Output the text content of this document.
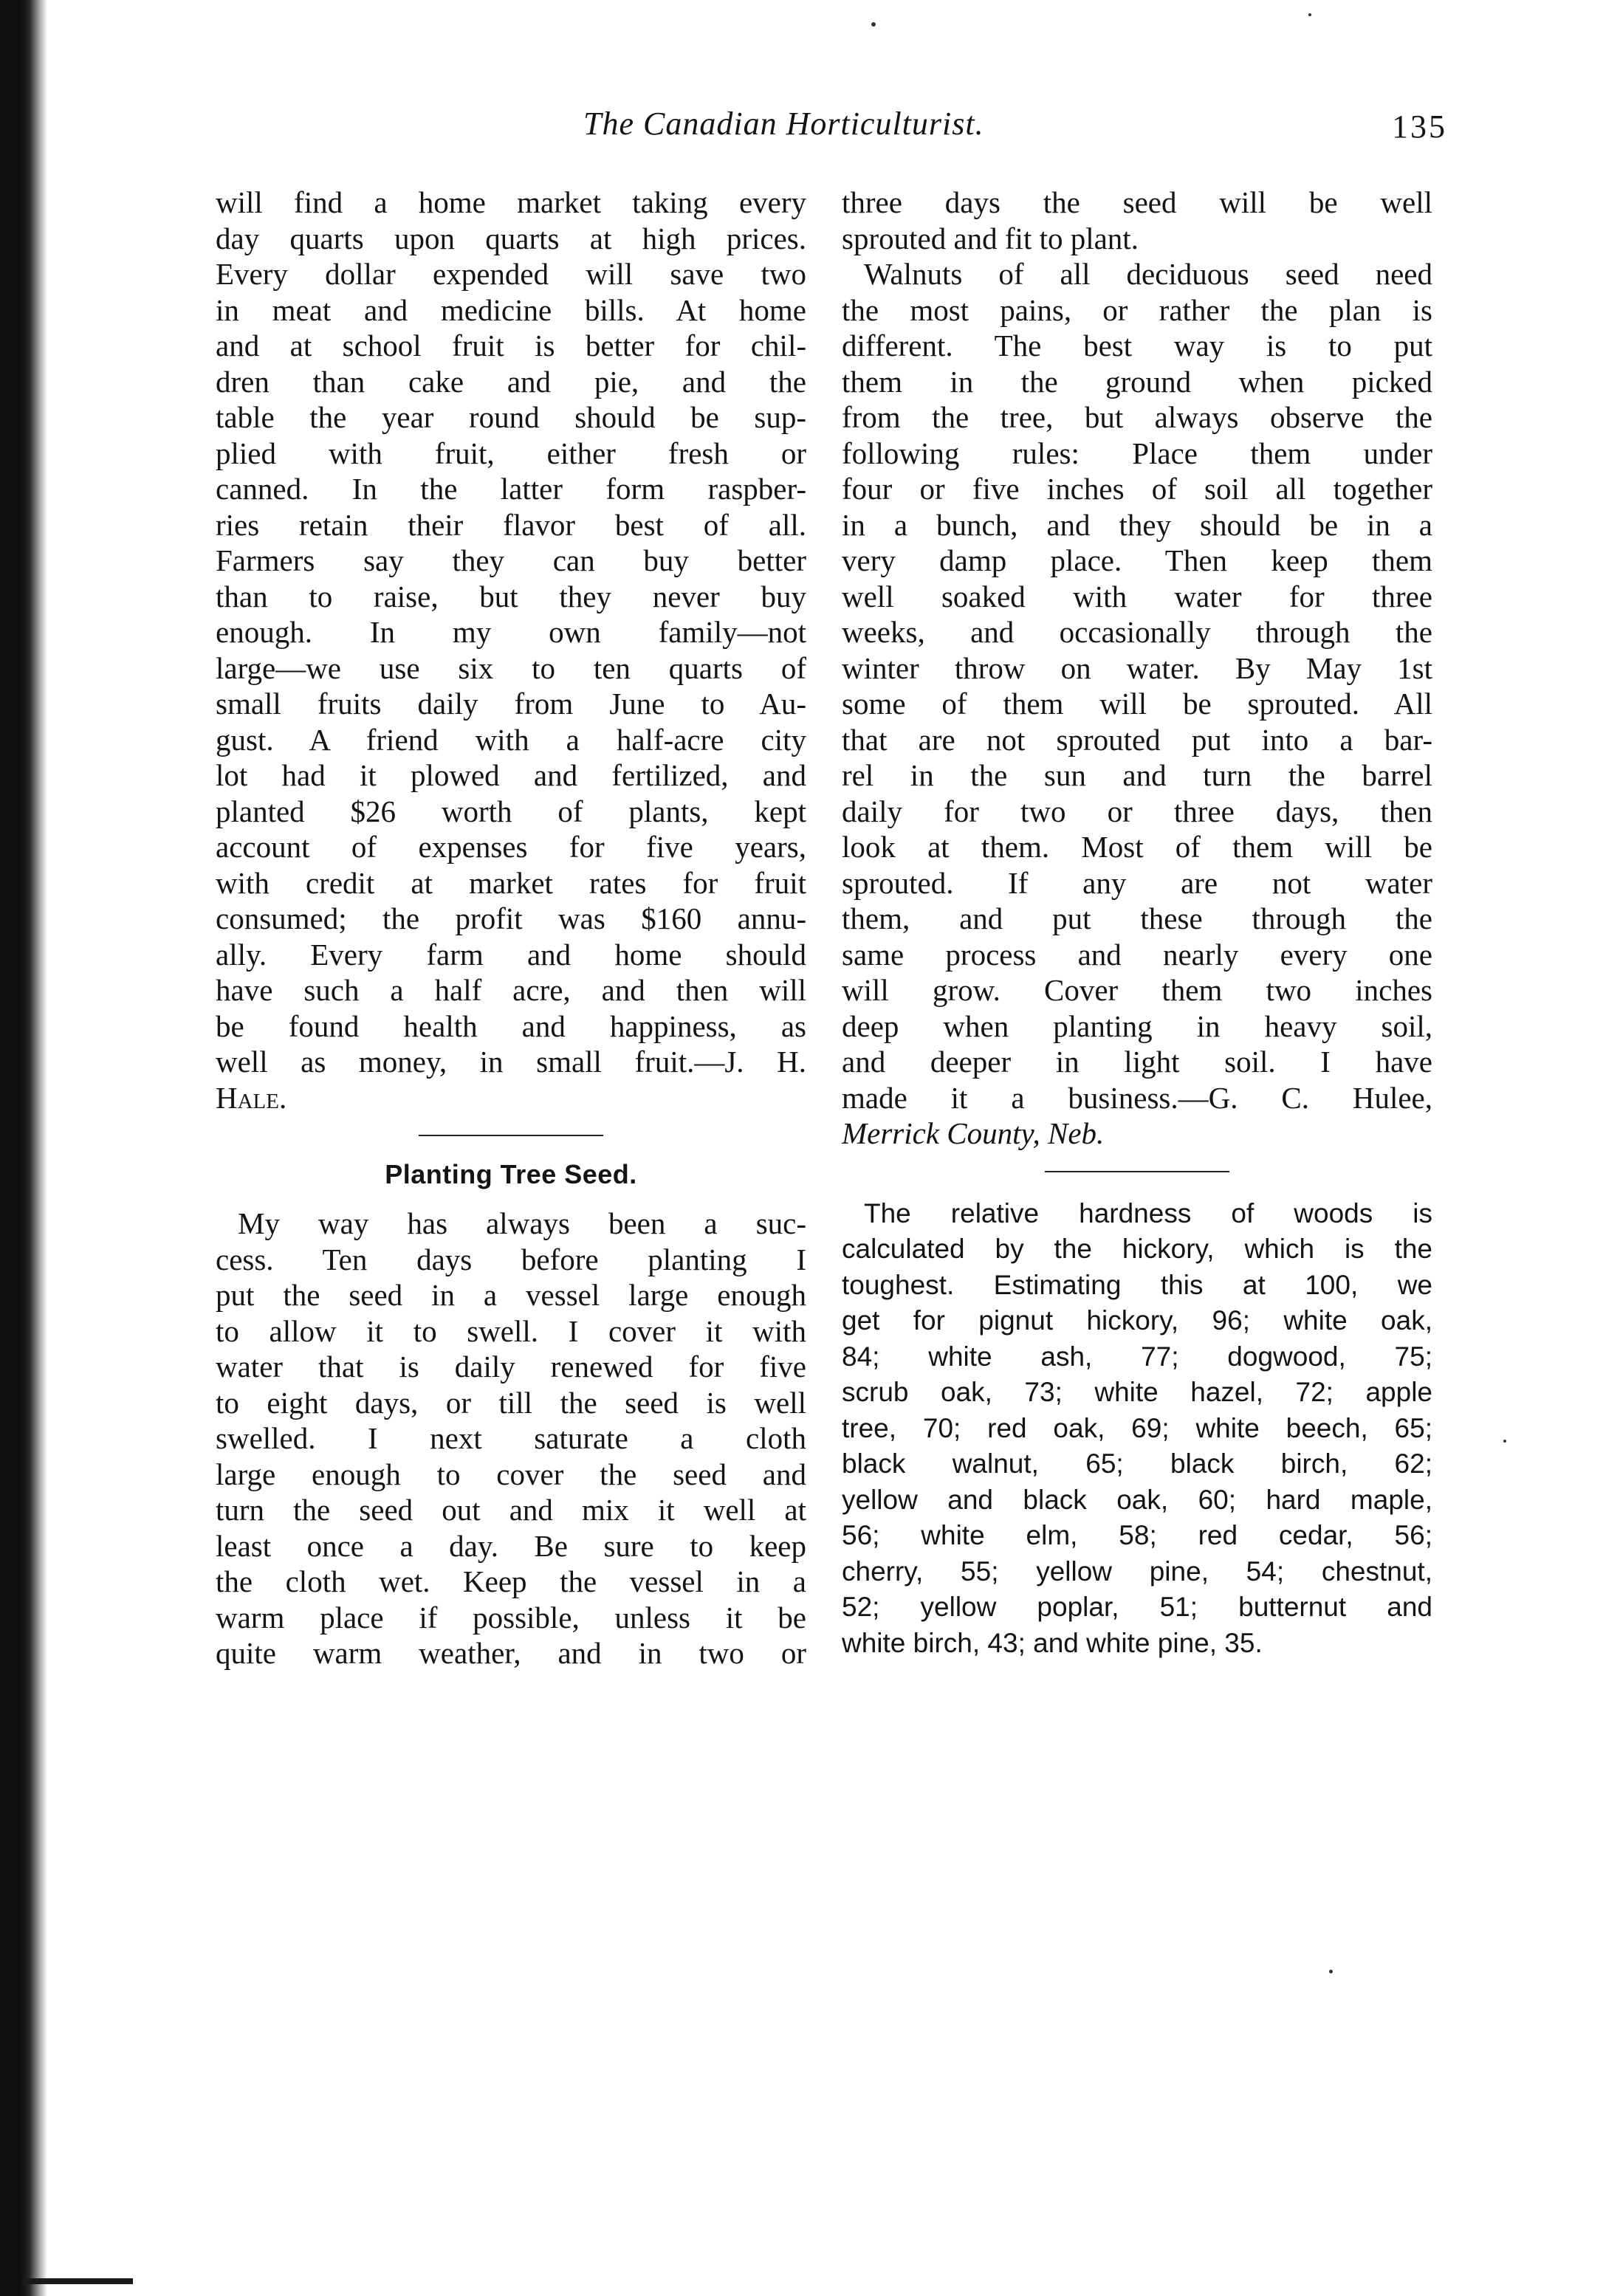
The Canadian Horticulturist.	135
will find a home market taking every
day quarts upon quarts at high prices.
Every dollar expended will save two
in meat and medicine bills. At home
and at school fruit is better for chil-
dren than cake and pie, and the
table the year round should be sup-
plied with fruit, either fresh or
canned. In the latter form raspber-
ries retain their flavor best of all.
Farmers say they can buy better
than to raise, but they never buy
enough. In my own family—not
large—we use six to ten quarts of
small fruits daily from June to Au-
gust. A friend with a half-acre city
lot had it plowed and fertilized, and
planted $26 worth of plants, kept
account of expenses for five years,
with credit at market rates for fruit
consumed; the profit was $160 annu-
ally. Every farm and home should
have such a half acre, and then will
be found health and happiness, as
well as money, in small fruit.—J. H.
Hale.
Planting Tree Seed.
My way has always been a suc-
cess. Ten days before planting I
put the seed in a vessel large enough
to allow it to swell. I cover it with
water that is daily renewed for five
to eight days, or till the seed is well
swelled. I next saturate a cloth
large enough to cover the seed and
turn the seed out and mix it well at
least once a day. Be sure to keep
the cloth wet. Keep the vessel in a
warm place if possible, unless it be
quite warm weather, and in two or
three days the seed will be well
sprouted and fit to plant.
Walnuts of all deciduous seed need
the most pains, or rather the plan is
different. The best way is to put
them in the ground when picked
from the tree, but always observe the
following rules: Place them under
four or five inches of soil all together
in a bunch, and they should be in a
very damp place. Then keep them
well soaked with water for three
weeks, and occasionally through the
winter throw on water. By May 1st
some of them will be sprouted. All
that are not sprouted put into a bar-
rel in the sun and turn the barrel
daily for two or three days, then
look at them. Most of them will be
sprouted. If any are not water
them, and put these through the
same process and nearly every one
will grow. Cover them two inches
deep when planting in heavy soil,
and deeper in light soil. I have
made it a business.—G. C. Hulee,
Merrick County, Neb.
The relative hardness of woods is
calculated by the hickory, which is the
toughest. Estimating this at 100, we
get for pignut hickory, 96; white oak,
84; white ash, 77; dogwood, 75;
scrub oak, 73; white hazel, 72; apple
tree, 70; red oak, 69; white beech, 65;
black walnut, 65; black birch, 62;
yellow and black oak, 60; hard maple,
56; white elm, 58; red cedar, 56;
cherry, 55; yellow pine, 54; chestnut,
52; yellow poplar, 51; butternut and
white birch, 43; and white pine, 35.
